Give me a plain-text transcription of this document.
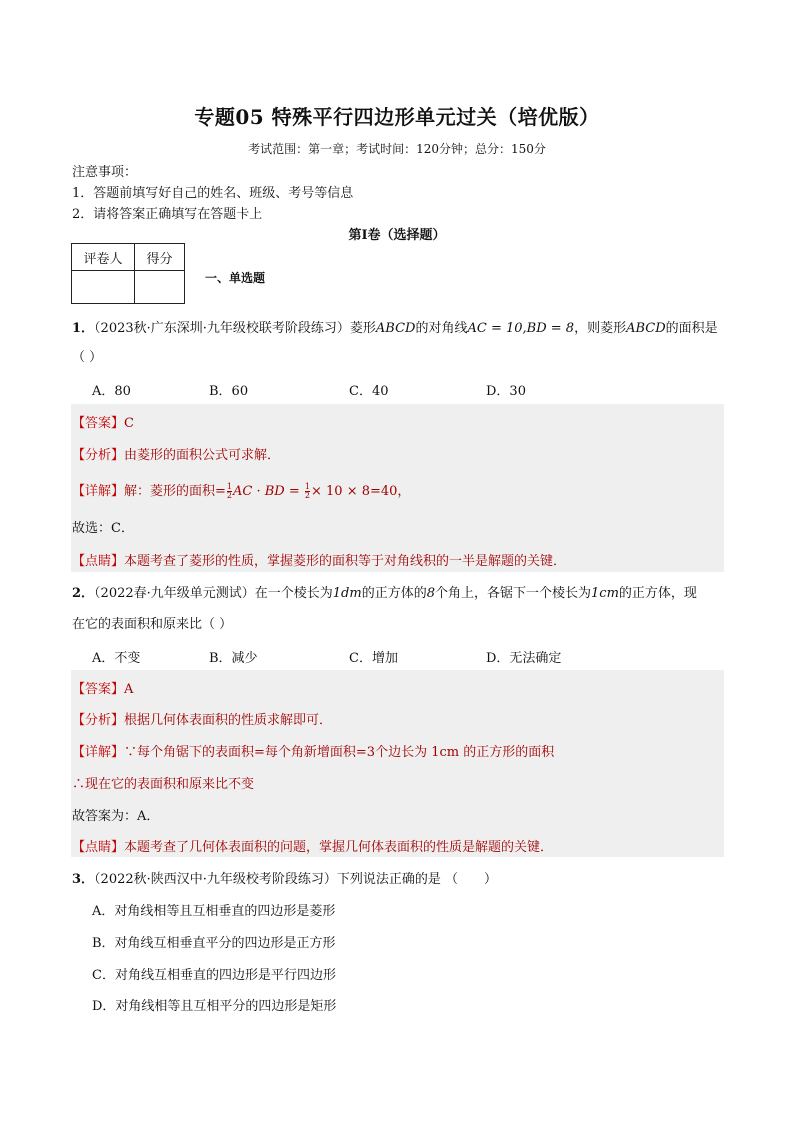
专题05 特殊平行四边形单元过关（培优版）
考试范围：第一章；考试时间：120分钟；总分：150分
注意事项：
1．答题前填写好自己的姓名、班级、考号等信息
2．请将答案正确填写在答题卡上
第Ⅰ卷（选择题）
评卷人	得分

一、单选题
1．（2023秋·广东深圳·九年级校联考阶段练习）菱形ABCD的对角线AC = 10,BD = 8，则菱形ABCD的面积是
（ ）
A．80	B．60	C．40	D．30
【答案】C
【分析】由菱形的面积公式可求解．
【详解】解：菱形的面积= $\frac{1}{2}$ AC · BD = $\frac{1}{2} \times 10 \times 8=40$，
故选：C．
【点睛】本题考查了菱形的性质，掌握菱形的面积等于对角线积的一半是解题的关键．
2．（2022春·九年级单元测试）在一个棱长为1dm的正方体的8个角上，各锯下一个棱长为1cm的正方体，现
在它的表面积和原来比（ ）
A．不变	B．减少	C．增加	D．无法确定
【答案】A
【分析】根据几何体表面积的性质求解即可．
【详解】∵每个角锯下的表面积=每个角新增面积=3个边长为 1cm 的正方形的面积
∴现在它的表面积和原来比不变
故答案为：A．
【点睛】本题考查了几何体表面积的问题，掌握几何体表面积的性质是解题的关键．
3．（2022秋·陕西汉中·九年级校考阶段练习）下列说法正确的是 （　　）
A．对角线相等且互相垂直的四边形是菱形
B．对角线互相垂直平分的四边形是正方形
C．对角线互相垂直的四边形是平行四边形
D．对角线相等且互相平分的四边形是矩形
